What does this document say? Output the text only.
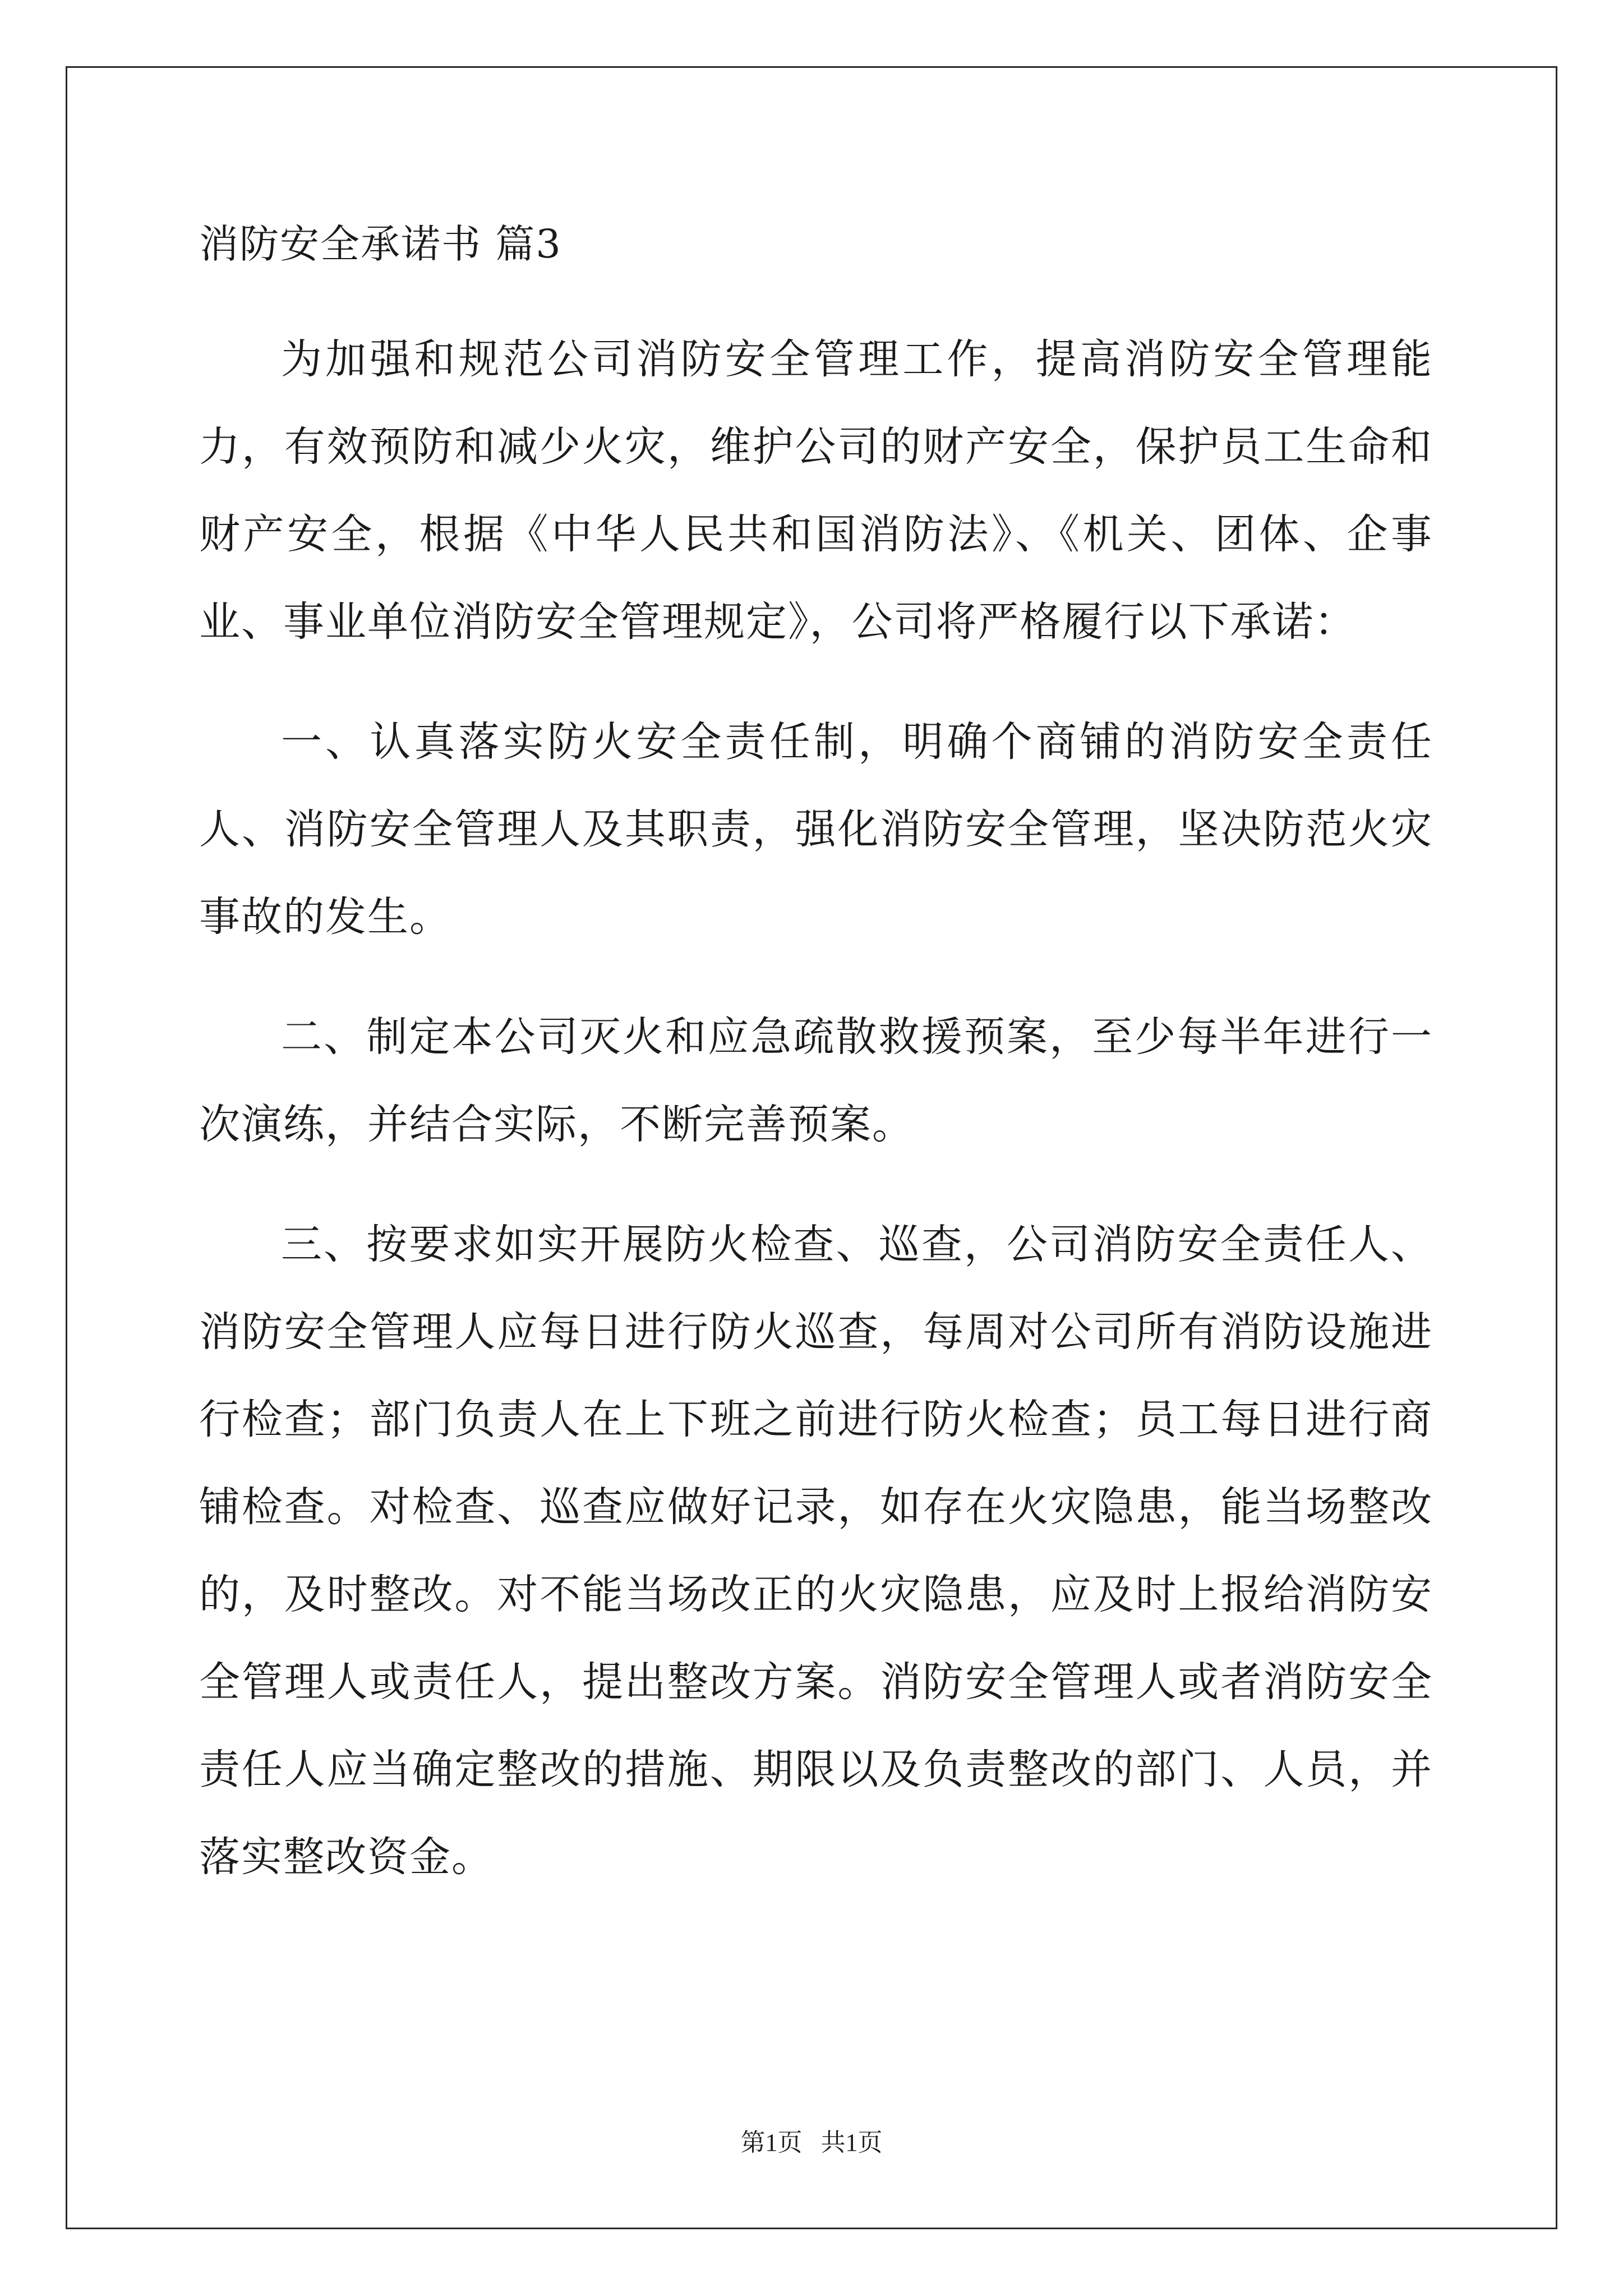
消防安全承诺书 篇3

为加强和规范公司消防安全管理工作，提高消防安全管理能力，有效预防和减少火灾，维护公司的财产安全，保护员工生命和财产安全，根据《中华人民共和国消防法》、《机关、团体、企事业、事业单位消防安全管理规定》，公司将严格履行以下承诺：

一、认真落实防火安全责任制，明确个商铺的消防安全责任人、消防安全管理人及其职责，强化消防安全管理，坚决防范火灾事故的发生。

二、制定本公司灭火和应急疏散救援预案，至少每半年进行一次演练，并结合实际，不断完善预案。

三、按要求如实开展防火检查、巡查，公司消防安全责任人、消防安全管理人应每日进行防火巡查，每周对公司所有消防设施进行检查；部门负责人在上下班之前进行防火检查；员工每日进行商铺检查。对检查、巡查应做好记录，如存在火灾隐患，能当场整改的，及时整改。对不能当场改正的火灾隐患，应及时上报给消防安全管理人或责任人，提出整改方案。消防安全管理人或者消防安全责任人应当确定整改的措施、期限以及负责整改的部门、人员，并落实整改资金。

第1页   共1页
